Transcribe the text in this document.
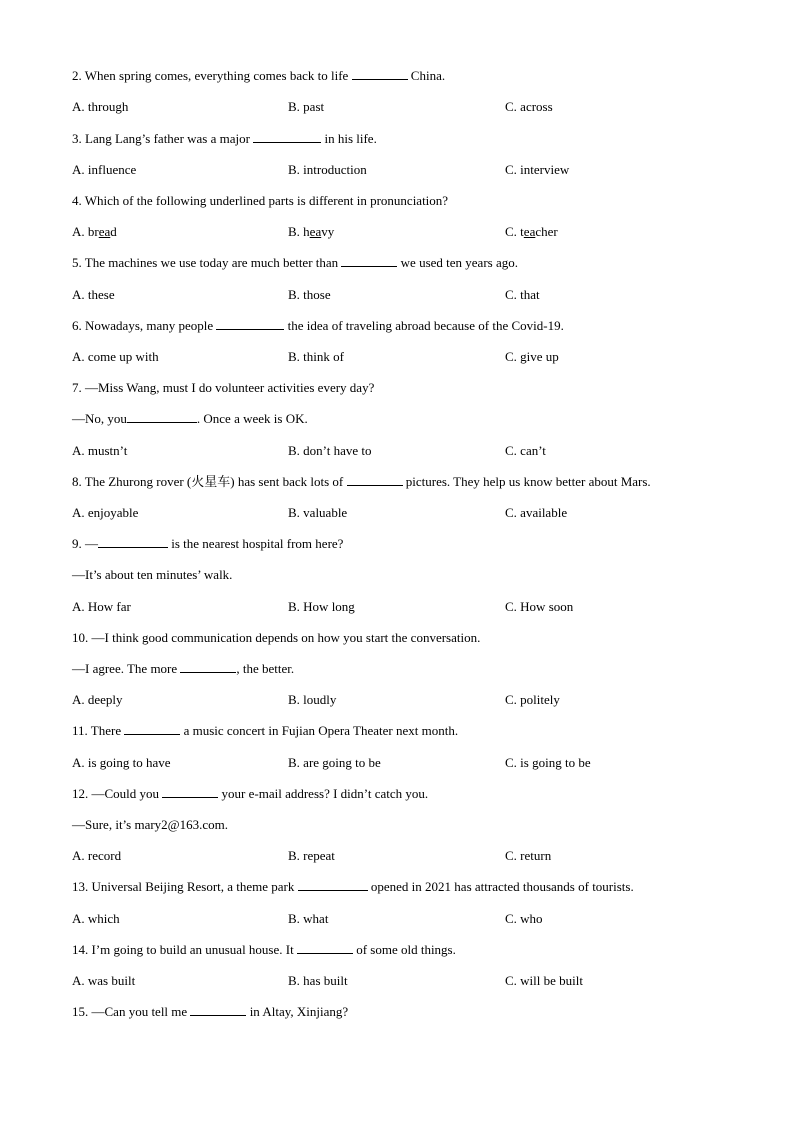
2. When spring comes, everything comes back to life	China.
A. through	B. past	C. across
3. Lang Lang’s father was a major	in his life.
A. influence	B. introduction	C. interview
4. Which of the following underlined parts is different in pronunciation?
A. bread	B. heavy	C. teacher
5. The machines we use today are much better than	we used ten years ago.
A. these	B. those	C. that
6. Nowadays, many people	the idea of traveling abroad because of the Covid-19.
A. come up with	B. think of	C. give up
7. —Miss Wang, must I do volunteer activities every day?
—No, you	. Once a week is OK.
A. mustn’t	B. don’t have to	C. can’t
8. The Zhurong rover (火星车) has sent back lots of	pictures. They help us know better about Mars.
A. enjoyable	B. valuable	C. available
9. —	is the nearest hospital from here?
—It’s about ten minutes’ walk.
A. How far	B. How long	C. How soon
10. —I think good communication depends on how you start the conversation.
—I agree. The more	, the better.
A. deeply	B. loudly	C. politely
11. There	a music concert in Fujian Opera Theater next month.
A. is going to have	B. are going to be	C. is going to be
12. —Could you	your e-mail address? I didn’t catch you.
—Sure, it’s mary2@163.com.
A. record	B. repeat	C. return
13. Universal Beijing Resort, a theme park	opened in 2021 has attracted thousands of tourists.
A. which	B. what	C. who
14. I’m going to build an unusual house. It	of some old things.
A. was built	B. has built	C. will be built
15. —Can you tell me	in Altay, Xinjiang?
